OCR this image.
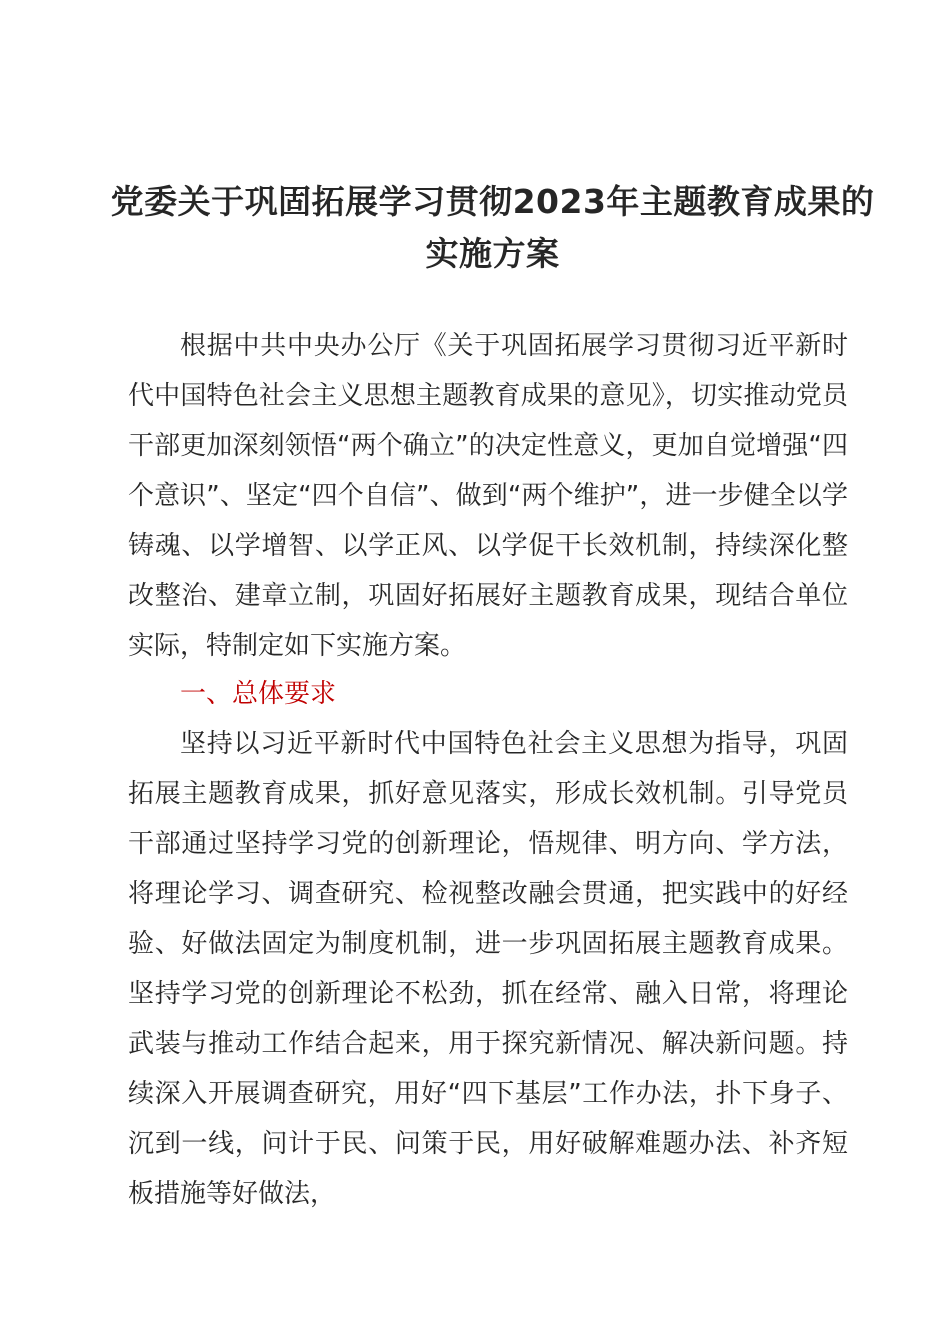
党委关于巩固拓展学习贯彻2023年主题教育成果的实施方案

根据中共中央办公厅《关于巩固拓展学习贯彻习近平新时代中国特色社会主义思想主题教育成果的意见》，切实推动党员干部更加深刻领悟“两个确立”的决定性意义，更加自觉增强“四个意识”、坚定“四个自信”、做到“两个维护”，进一步健全以学铸魂、以学增智、以学正风、以学促干长效机制，持续深化整改整治、建章立制，巩固好拓展好主题教育成果，现结合单位实际，特制定如下实施方案。

一、总体要求

坚持以习近平新时代中国特色社会主义思想为指导，巩固拓展主题教育成果，抓好意见落实，形成长效机制。引导党员干部通过坚持学习党的创新理论，悟规律、明方向、学方法，将理论学习、调查研究、检视整改融会贯通，把实践中的好经验、好做法固定为制度机制，进一步巩固拓展主题教育成果。坚持学习党的创新理论不松劲，抓在经常、融入日常，将理论武装与推动工作结合起来，用于探究新情况、解决新问题。持续深入开展调查研究，用好“四下基层”工作办法，扑下身子、沉到一线，问计于民、问策于民，用好破解难题办法、补齐短板措施等好做法，
